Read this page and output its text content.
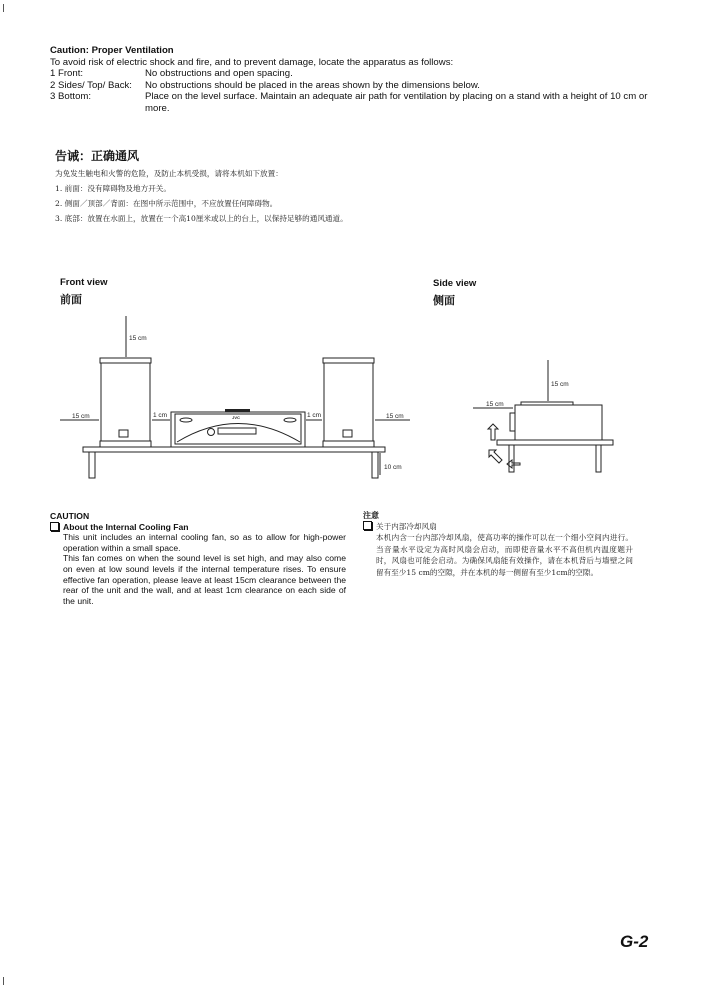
Caution: Proper Ventilation
To avoid risk of electric shock and fire, and to prevent damage, locate the apparatus as follows:
1 Front:	No obstructions and open spacing.
2 Sides/ Top/ Back:	No obstructions should be placed in the areas shown by the dimensions below.
3 Bottom:	Place on the level surface. Maintain an adequate air path for ventilation by placing on a stand with a height of 10 cm or more.
告诫：正确通风
为免发生触电和火警的危险，及防止本机受损，请将本机如下放置：
1. 前面：没有障碍物及地方开关。
2. 侧面／顶部／背面：在图中所示范围中，不应放置任何障碍物。
3. 底部：放置在水面上，放置在一个高10厘米或以上的台上，以保持足够的通风通道。
Front view
前面
JVC
15 cm
15 cm	1 cm	1 cm	15 cm
10 cm
15 cm
15 cm
Side view
侧面
CAUTION
About the Internal Cooling Fan
This unit includes an internal cooling fan, so as to allow for high-power operation within a small space.
This fan comes on when the sound level is set high, and may also come on even at low sound levels if the internal temperature rises. To ensure effective fan operation, please leave at least 15cm clearance between the rear of the unit and the wall, and at least 1cm clearance on each side of the unit.
注意
关于内部冷却风扇
本机内含一台内部冷却风扇，使高功率的操作可以在一个细小空间内进行。当音量水平设定为高时风扇会启动，而即使音量水平不高但机内温度题升时，风扇也可能会启动。为确保风扇能有效操作，请在本机背后与墙壁之间留有至少15 cm的空隙，并在本机的每一侧留有至少1cm的空隙。
G-2
